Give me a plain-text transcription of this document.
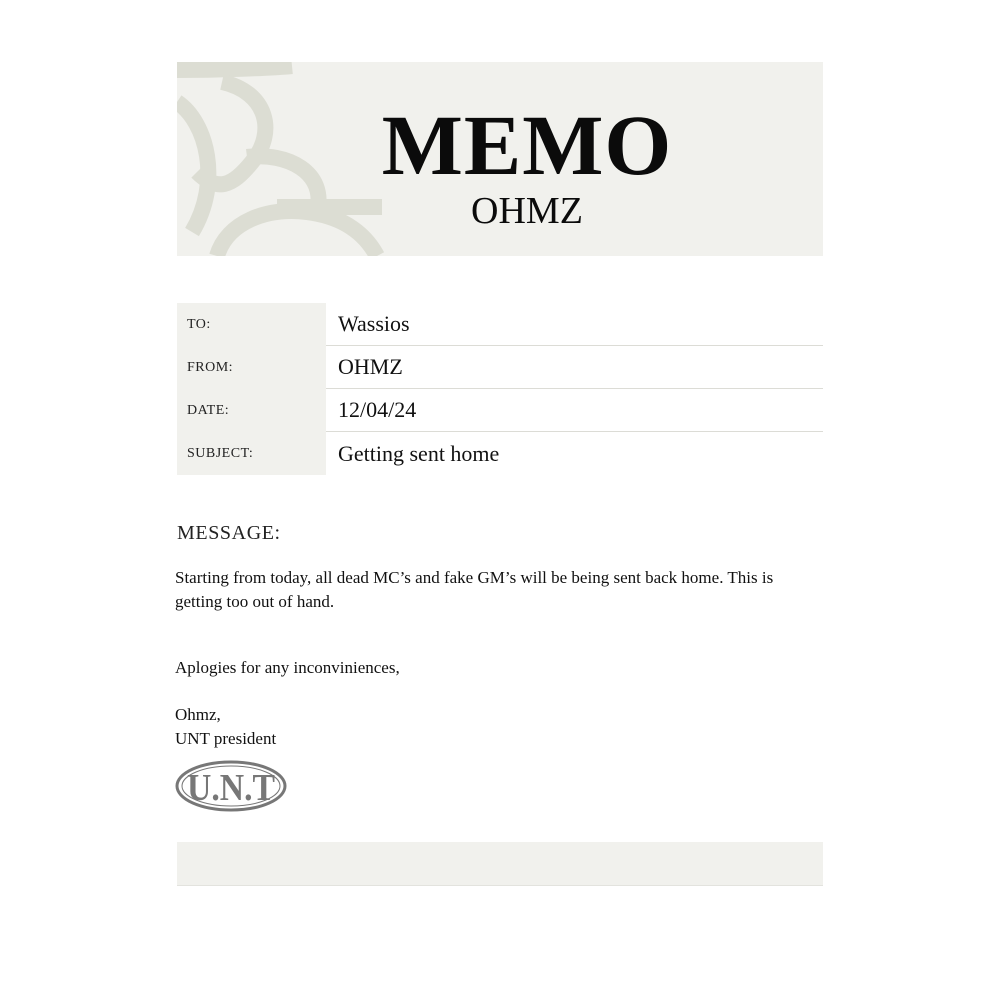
MEMO
OHMZ
TO:	Wassios
FROM:	OHMZ
DATE:	12/04/24
SUBJECT:	Getting sent home
MESSAGE:
Starting from today, all dead MC’s and fake GM’s will be being sent back home. This is getting too out of hand.
Aplogies for any inconviniences,
Ohmz,
UNT president
U.N.T
